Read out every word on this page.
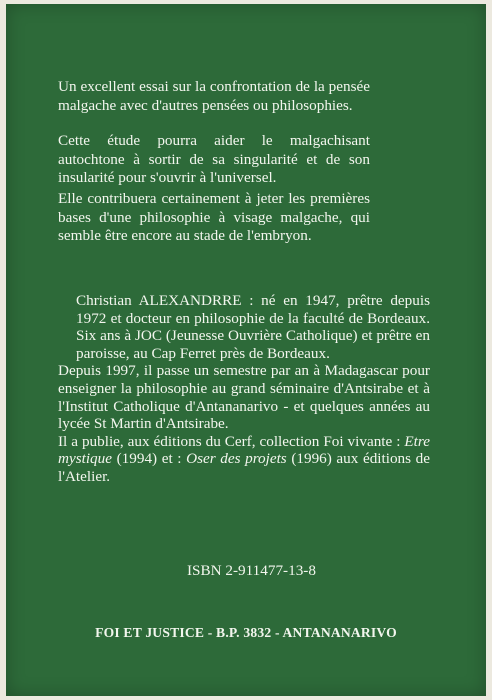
Un excellent essai sur la confrontation de la pensée malgache avec d'autres pensées ou philosophies.

Cette étude pourra aider le malgachisant autochtone à sortir de sa singularité et de son insularité pour s'ouvrir à l'universel.

Elle contribuera certainement à jeter les premières bases d'une philosophie à visage malgache, qui semble être encore au stade de l'embryon.

Christian ALEXANDRRE : né en 1947, prêtre depuis 1972 et docteur en philosophie de la faculté de Bordeaux. Six ans à JOC (Jeunesse Ouvrière Catholique) et prêtre en paroisse, au Cap Ferret près de Bordeaux.

Depuis 1997, il passe un semestre par an à Madagascar pour enseigner la philosophie au grand séminaire d'Antsirabe et à l'Institut Catholique d'Antananarivo - et quelques années au lycée St Martin d'Antsirabe.

Il a publie, aux éditions du Cerf, collection Foi vivante : Etre mystique (1994) et : Oser des projets (1996) aux éditions de l'Atelier.

ISBN 2-911477-13-8

FOI ET JUSTICE - B.P. 3832 - ANTANANARIVO
